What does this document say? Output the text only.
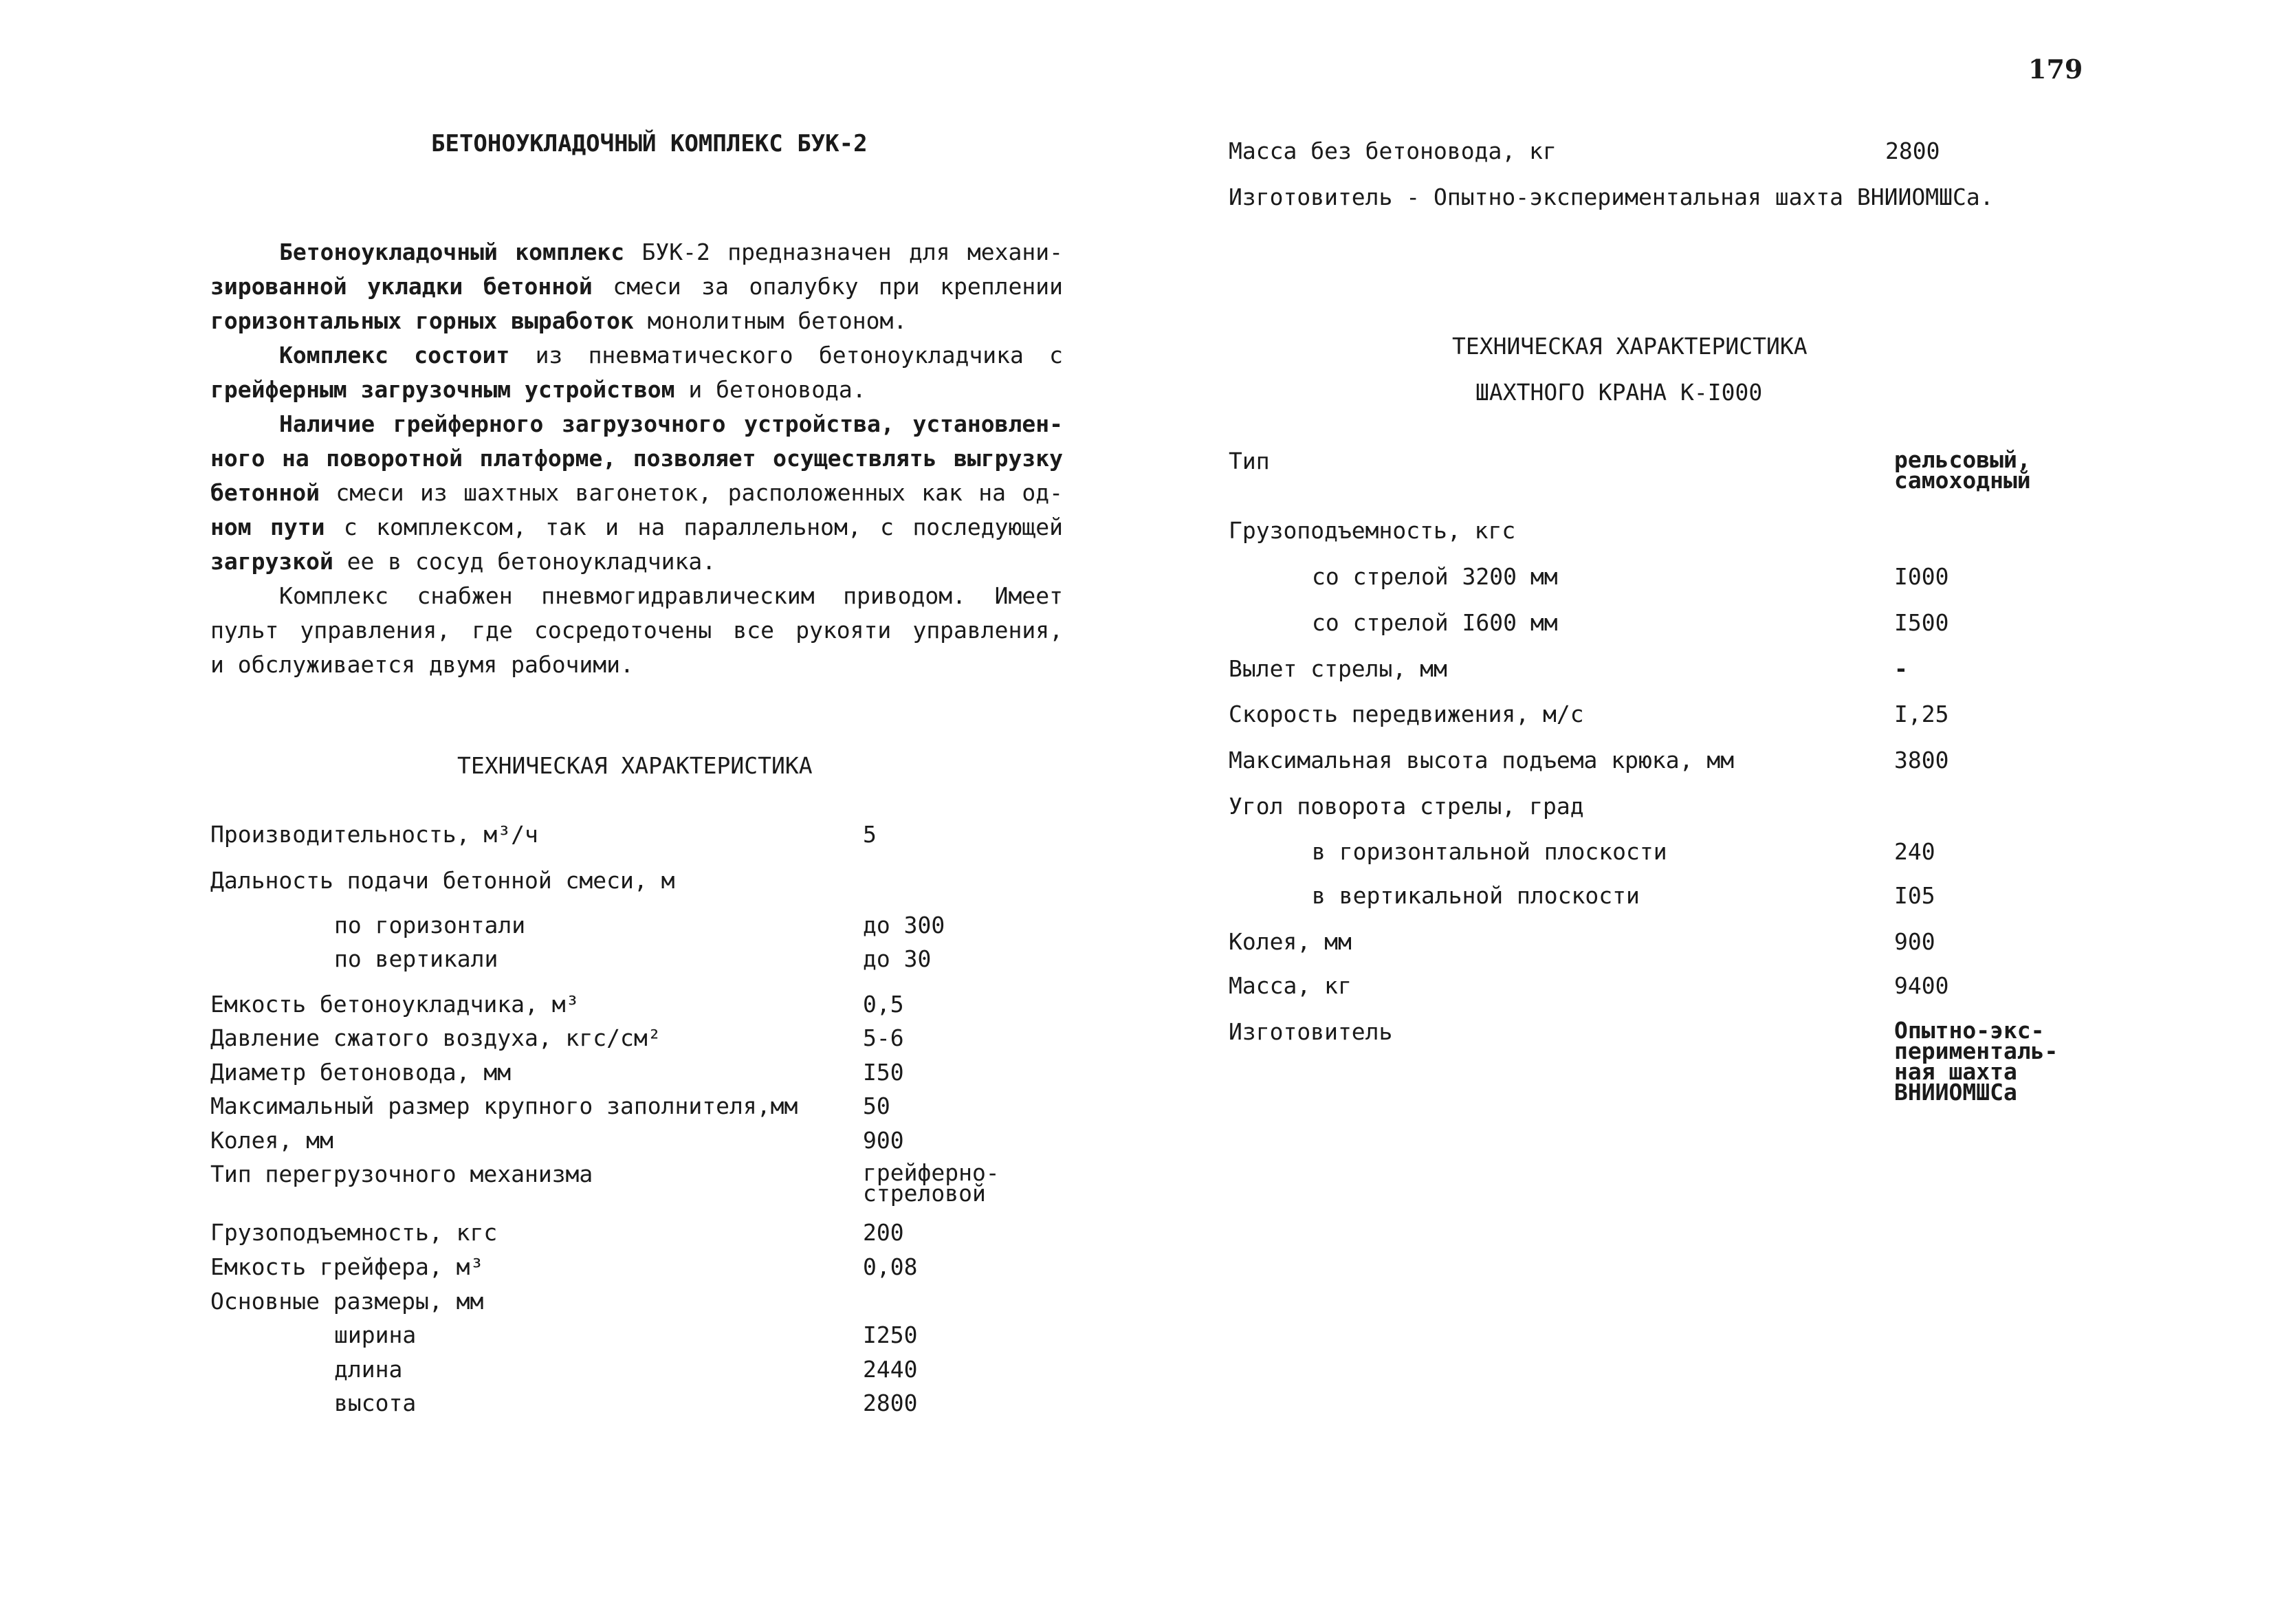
179
БЕТОНОУКЛАДОЧНЫЙ КОМПЛЕКС БУК-2
Бетоноукладочный комплекс БУК-2 предназначен для механи-
зированной укладки бетонной смеси за опалубку при креплении
горизонтальных горных выработок монолитным бетоном.
Комплекс состоит из пневматического бетоноукладчика с
грейферным загрузочным устройством и бетоновода.
Наличие грейферного загрузочного устройства, установлен-
ного на поворотной платформе, позволяет осуществлять выгрузку
бетонной смеси из шахтных вагонеток, расположенных как на од-
ном пути с комплексом, так и на параллельном, с последующей
загрузкой ее в сосуд бетоноукладчика.
Комплекс снабжен пневмогидравлическим приводом. Имеет
пульт управления, где сосредоточены все рукояти управления,
и обслуживается двумя рабочими.
ТЕХНИЧЕСКАЯ ХАРАКТЕРИСТИКА
Производительность, м³/ч	5
Дальность подачи бетонной смеси, м
по горизонтали	до 300
по вертикали	до 30
Емкость бетоноукладчика, м³	0,5
Давление сжатого воздуха, кгс/см²	5-6
Диаметр бетоновода, мм	I50
Максимальный размер крупного заполнителя,мм	50
Колея, мм	900
Тип перегрузочного механизма	грейферно-
стреловой
Грузоподъемность, кгс	200
Емкость грейфера, м³	0,08
Основные размеры, мм
ширина	I250
длина	2440
высота	2800
Масса без бетоновода, кг	2800
Изготовитель - Опытно-экспериментальная шахта ВНИИОМШСа.
ТЕХНИЧЕСКАЯ ХАРАКТЕРИСТИКА
ШАХТНОГО КРАНА К-I000
Тип	рельсовый,
самоходный
Грузоподъемность, кгс
со стрелой 3200 мм	I000
со стрелой I600 мм	I500
Вылет стрелы, мм	-
Скорость передвижения, м/с	I,25
Максимальная высота подъема крюка, мм	3800
Угол поворота стрелы, град
в горизонтальной плоскости	240
в вертикальной плоскости	I05
Колея, мм	900
Масса, кг	9400
Изготовитель	Опытно-экс-
перименталь-
ная шахта
ВНИИОМШСа
